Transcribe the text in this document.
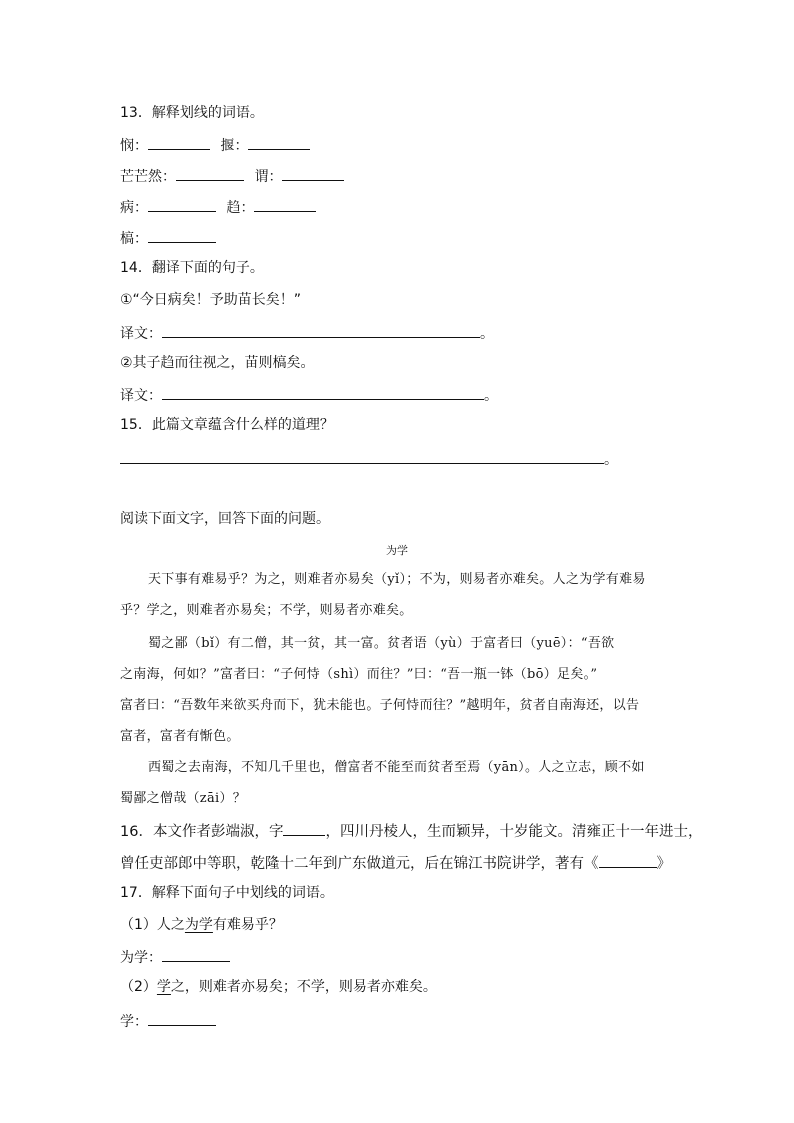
13．解释划线的词语。
悯：	揠：
芒芒然：	谓：
病：	趋：
槁：
14．翻译下面的句子。
①“今日病矣！予助苗长矣！”
译文：	。
②其子趋而往视之，苗则槁矣。
译文：	。
15．此篇文章蕴含什么样的道理？
。
阅读下面文字，回答下面的问题。
为学
天下事有难易乎？为之，则难者亦易矣（yǐ）；不为，则易者亦难矣。人之为学有难易
乎？学之，则难者亦易矣；不学，则易者亦难矣。
蜀之鄙（bǐ）有二僧，其一贫，其一富。贫者语（yù）于富者曰（yuē）：“吾欲
之南海，何如？”富者曰：“子何恃（shì）而往？”曰：“吾一瓶一钵（bō）足矣。”
富者曰：“吾数年来欲买舟而下，犹未能也。子何恃而往？”越明年，贫者自南海还，以告
富者，富者有惭色。
西蜀之去南海，不知几千里也，僧富者不能至而贫者至焉（yān）。人之立志，顾不如
蜀鄙之僧哉（zāi）？
16．本文作者彭端淑，字	，四川丹棱人，生而颖异，十岁能文。清雍正十一年进士，
曾任吏部郎中等职，乾隆十二年到广东做道元，后在锦江书院讲学，著有《	》
17．解释下面句子中划线的词语。
（1）人之为学有难易乎？
为学：
（2）学之，则难者亦易矣；不学，则易者亦难矣。
学：
